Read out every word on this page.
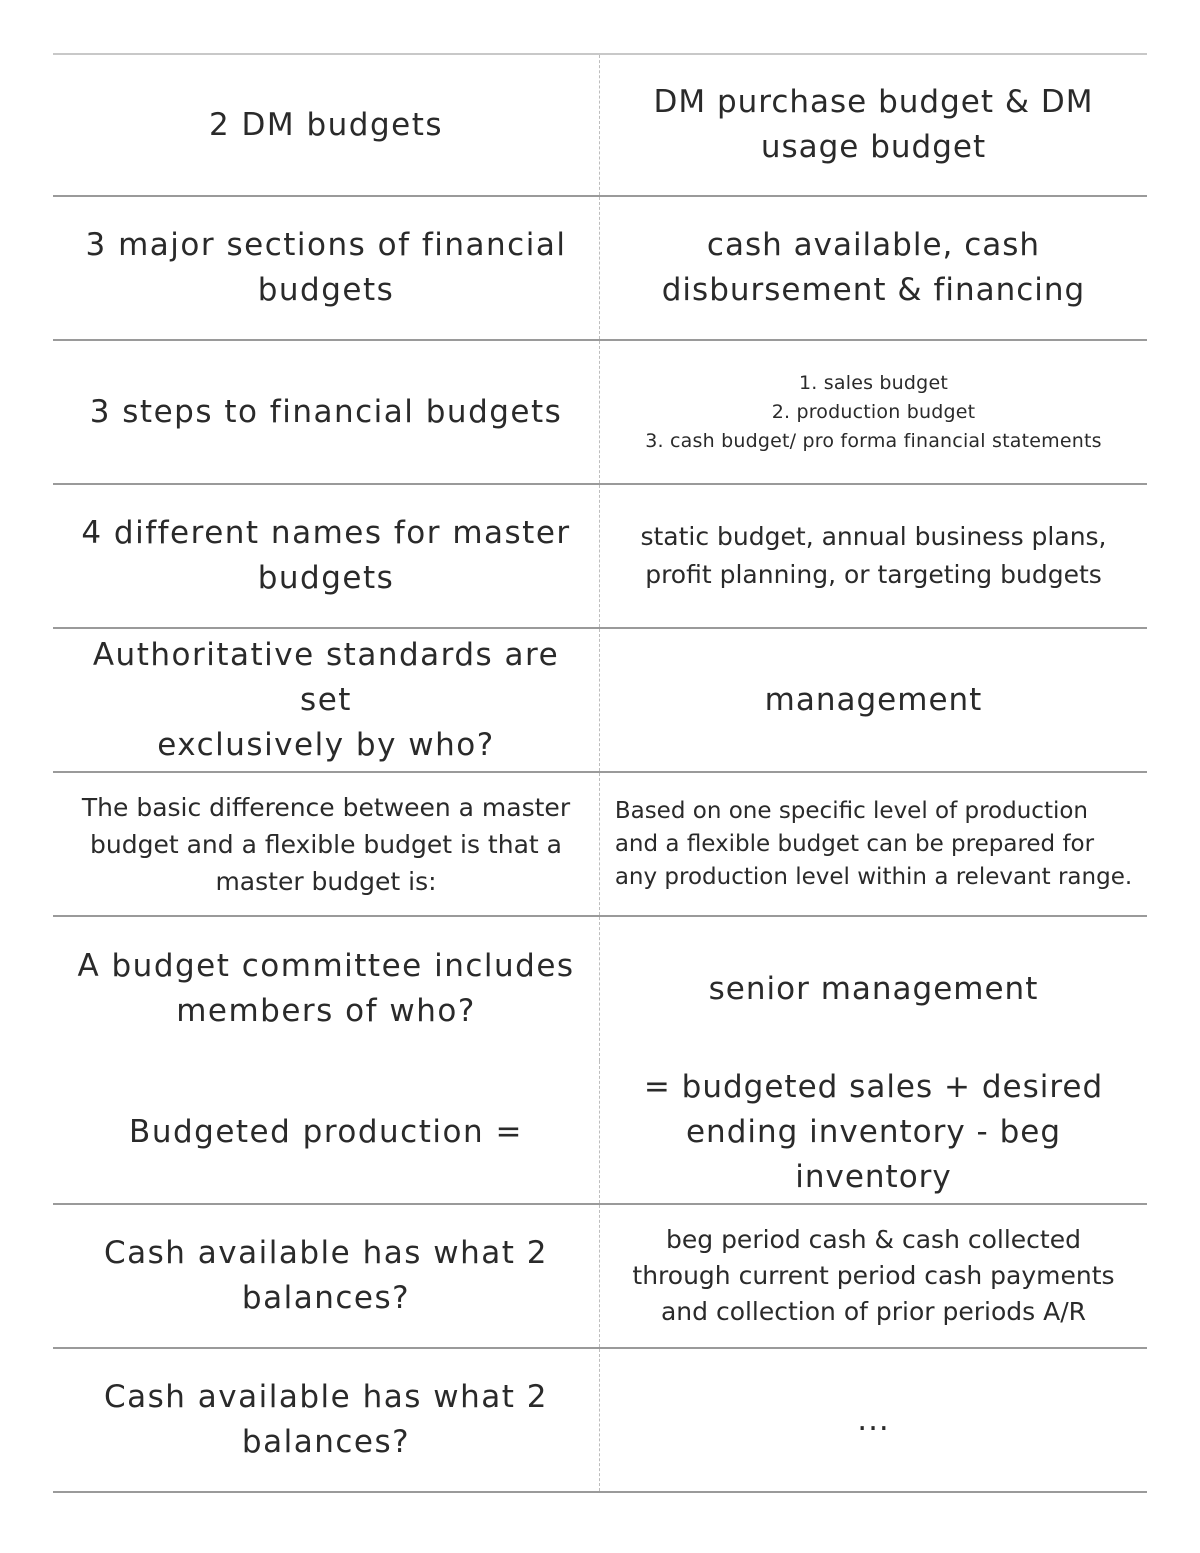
2 DM budgets
DM purchase budget & DM
usage budget
3 major sections of financial
budgets
cash available, cash
disbursement & financing
3 steps to financial budgets
1. sales budget
2. production budget
3. cash budget/ pro forma financial statements
4 different names for master
budgets
static budget, annual business plans,
profit planning, or targeting budgets
Authoritative standards are set
exclusively by who?
management
The basic difference between a master
budget and a flexible budget is that a
master budget is:
Based on one specific level of production
and a flexible budget can be prepared for
any production level within a relevant range.
A budget committee includes
members of who?
senior management
Budgeted production =
= budgeted sales + desired
ending inventory - beg inventory
Cash available has what 2
balances?
beg period cash & cash collected
through current period cash payments
and collection of prior periods A/R
Cash available has what 2
balances?
...
